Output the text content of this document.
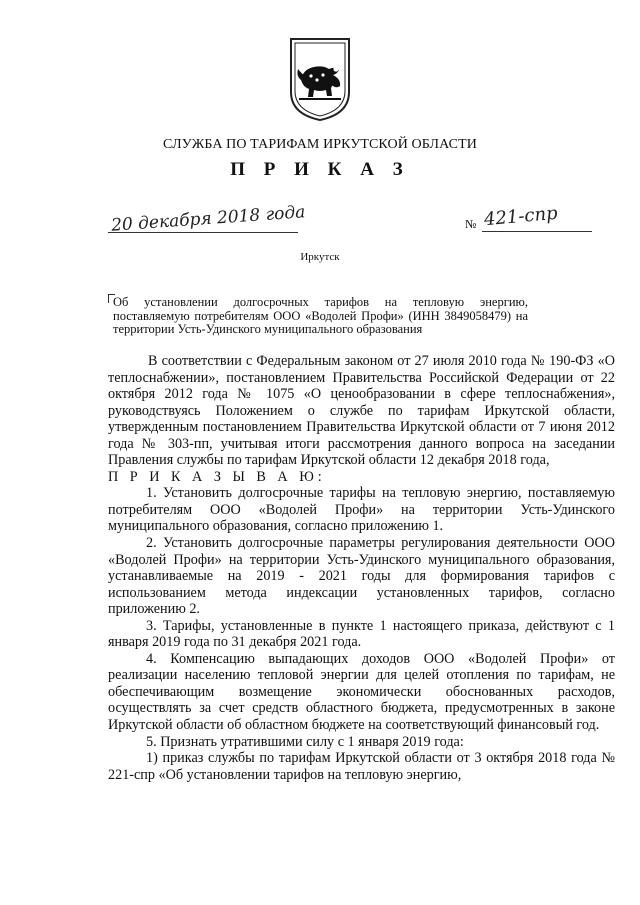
СЛУЖБА ПО ТАРИФАМ ИРКУТСКОЙ ОБЛАСТИ
П Р И К А З
20 декабря 2018 года	№ 421-спр
Иркутск
Об установлении долгосрочных тарифов на тепловую энергию, поставляемую потребителям ООО «Водолей Профи» (ИНН 3849058479) на территории Усть-Удинского муниципального образования

В соответствии с Федеральным законом от 27 июля 2010 года № 190-ФЗ «О теплоснабжении», постановлением Правительства Российской Федерации от 22 октября 2012 года № 1075 «О ценообразовании в сфере теплоснабжения», руководствуясь Положением о службе по тарифам Иркутской области, утвержденным постановлением Правительства Иркутской области от 7 июня 2012 года № 303-пп, учитывая итоги рассмотрения данного вопроса на заседании Правления службы по тарифам Иркутской области 12 декабря 2018 года,

П Р И К А З Ы В А Ю:

1. Установить долгосрочные тарифы на тепловую энергию, поставляемую потребителям ООО «Водолей Профи» на территории Усть-Удинского муниципального образования, согласно приложению 1.

2. Установить долгосрочные параметры регулирования деятельности ООО «Водолей Профи» на территории Усть-Удинского муниципального образования, устанавливаемые на 2019 - 2021 годы для формирования тарифов с использованием метода индексации установленных тарифов, согласно приложению 2.

3. Тарифы, установленные в пункте 1 настоящего приказа, действуют с 1 января 2019 года по 31 декабря 2021 года.

4. Компенсацию выпадающих доходов ООО «Водолей Профи» от реализации населению тепловой энергии для целей отопления по тарифам, не обеспечивающим возмещение экономически обоснованных расходов, осуществлять за счет средств областного бюджета, предусмотренных в законе Иркутской области об областном бюджете на соответствующий финансовый год.

5. Признать утратившими силу с 1 января 2019 года:

1) приказ службы по тарифам Иркутской области от 3 октября 2018 года № 221-спр «Об установлении тарифов на тепловую энергию,
